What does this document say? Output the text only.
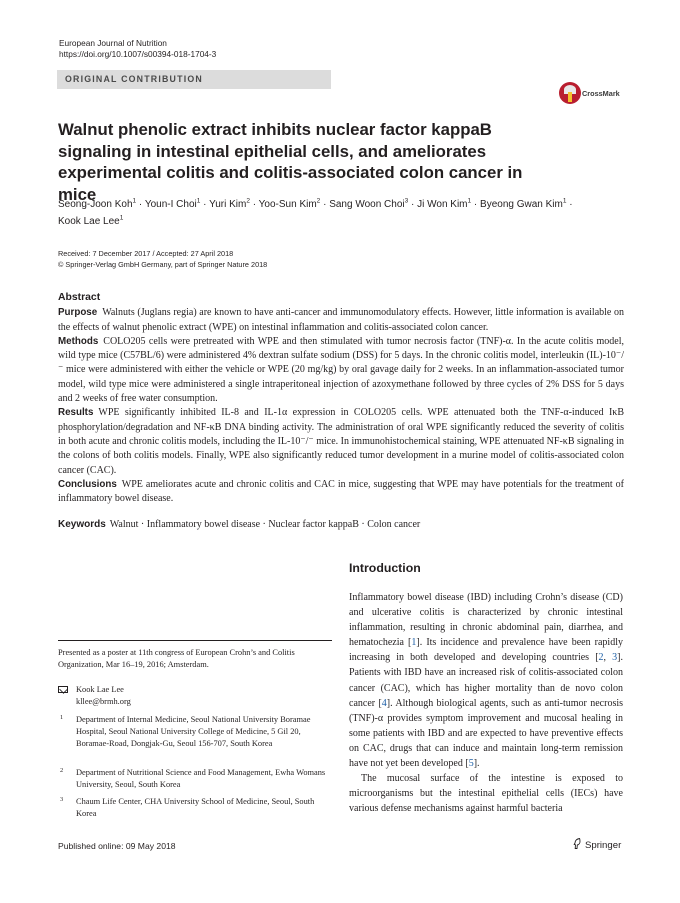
European Journal of Nutrition
https://doi.org/10.1007/s00394-018-1704-3
ORIGINAL CONTRIBUTION
CrossMark
Walnut phenolic extract inhibits nuclear factor kappaB signaling in intestinal epithelial cells, and ameliorates experimental colitis and colitis-associated colon cancer in mice
Seong-Joon Koh$^1$ · Youn-I Choi$^1$ · Yuri Kim$^2$ · Yoo-Sun Kim$^2$ · Sang Woon Choi$^3$ · Ji Won Kim$^1$ · Byeong Gwan Kim$^1$ ·
Kook Lae Lee$^1$
Received: 7 December 2017 / Accepted: 27 April 2018
© Springer-Verlag GmbH Germany, part of Springer Nature 2018
Abstract

Purpose Walnuts (Juglans regia) are known to have anti-cancer and immunomodulatory effects. However, little information is available on the effects of walnut phenolic extract (WPE) on intestinal inflammation and colitis-associated colon cancer.

Methods COLO205 cells were pretreated with WPE and then stimulated with tumor necrosis factor (TNF)-α. In the acute colitis model, wild type mice (C57BL/6) were administered 4% dextran sulfate sodium (DSS) for 5 days. In the chronic colitis model, interleukin (IL)-10⁻/⁻ mice were administered with either the vehicle or WPE (20 mg/kg) by oral gavage daily for 2 weeks. In an inflammation-associated tumor model, wild type mice were administered a single intraperitoneal injection of azoxymethane followed by three cycles of 2% DSS for 5 days and 2 weeks of free water consumption.

Results WPE significantly inhibited IL-8 and IL-1α expression in COLO205 cells. WPE attenuated both the TNF-α-induced IκB phosphorylation/degradation and NF-κB DNA binding activity. The administration of oral WPE significantly reduced the severity of colitis in both acute and chronic colitis models, including the IL-10⁻/⁻ mice. In immunohistochemical staining, WPE attenuated NF-κB signaling in the colons of both colitis models. Finally, WPE also significantly reduced tumor development in a murine model of colitis-associated colon cancer (CAC).

Conclusions WPE ameliorates acute and chronic colitis and CAC in mice, suggesting that WPE may have potentials for the treatment of inflammatory bowel disease.

Keywords Walnut · Inflammatory bowel disease · Nuclear factor kappaB · Colon cancer
Introduction

Inflammatory bowel disease (IBD) including Crohn’s disease (CD) and ulcerative colitis is characterized by chronic intestinal inflammation, resulting in chronic abdominal pain, diarrhea, and hematochezia [1]. Its incidence and prevalence have been rapidly increasing in both developed and developing countries [2, 3]. Patients with IBD have an increased risk of colitis-associated colon cancer (CAC), which has higher mortality than de novo colon cancer [4]. Although biological agents, such as anti-tumor necrosis (TNF)-α provides symptom improvement and mucosal healing in some patients with IBD and are expected to have preventive effects on CAC, drugs that can induce and maintain long-term remission have not yet been developed [5].

The mucosal surface of the intestine is exposed to microorganisms but the intestinal epithelial cells (IECs) have various defense mechanisms against harmful bacteria

Presented as a poster at 11th congress of European Crohn’s and Colitis Organization, Mar 16–19, 2016; Amsterdam.
Kook Lae Lee
kllee@brmh.org
1 Department of Internal Medicine, Seoul National University Boramae Hospital, Seoul National University College of Medicine, 5 Gil 20, Boramae-Road, Dongjak-Gu, Seoul 156-707, South Korea
2 Department of Nutritional Science and Food Management, Ewha Womans University, Seoul, South Korea
3 Chaum Life Center, CHA University School of Medicine, Seoul, South Korea
Published online: 09 May 2018	Springer
